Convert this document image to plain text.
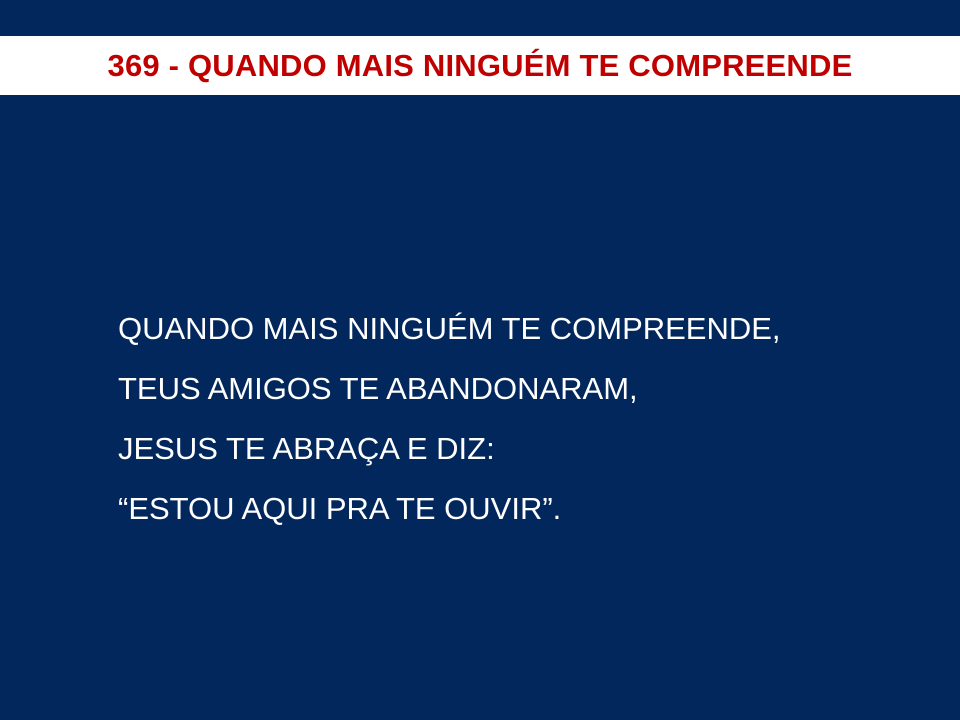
369 - QUANDO MAIS NINGUÉM TE COMPREENDE
QUANDO MAIS NINGUÉM TE COMPREENDE,
TEUS AMIGOS TE ABANDONARAM,
JESUS TE ABRAÇA E DIZ:
“ESTOU AQUI PRA TE OUVIR”.
